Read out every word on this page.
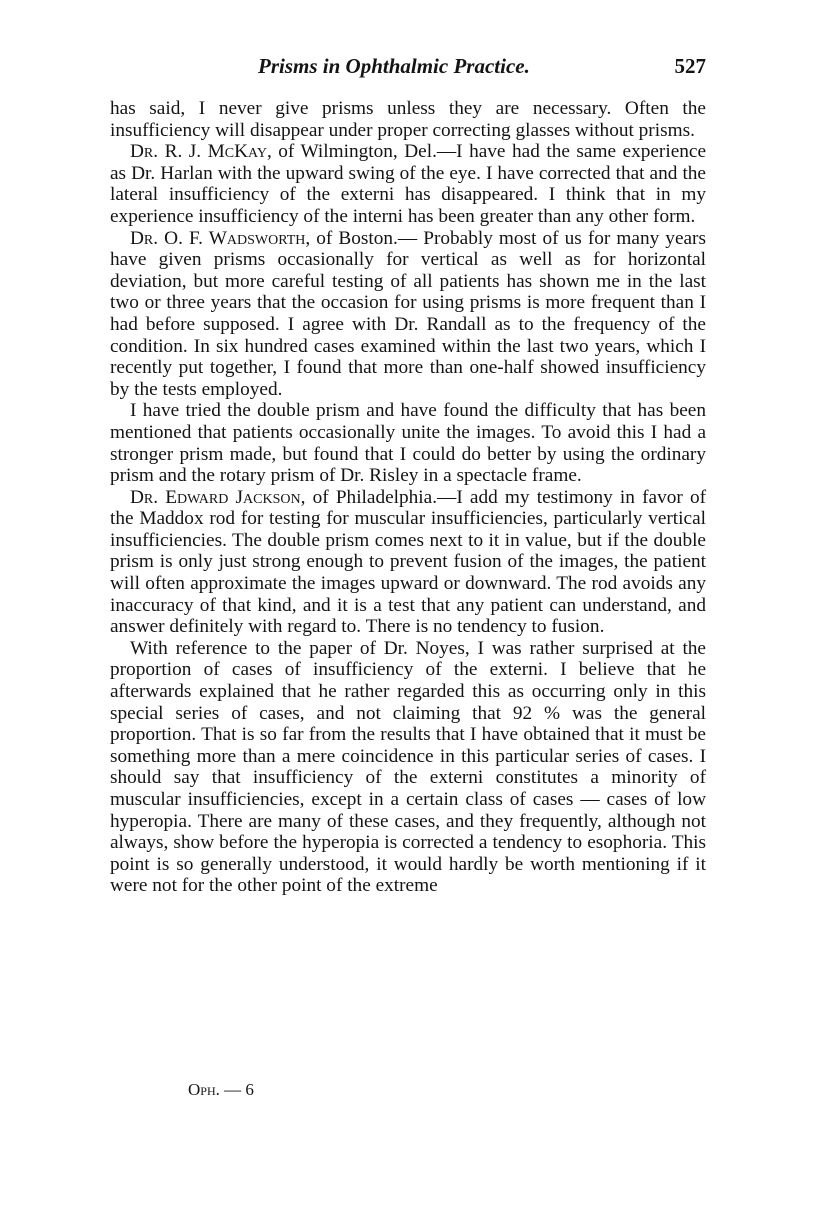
Prisms in Ophthalmic Practice.	527

has said, I never give prisms unless they are necessary. Often the insufficiency will disappear under proper correcting glasses without prisms.

Dr. R. J. McKay, of Wilmington, Del.—I have had the same experience as Dr. Harlan with the upward swing of the eye. I have corrected that and the lateral insufficiency of the externi has disappeared. I think that in my experience insufficiency of the interni has been greater than any other form.

Dr. O. F. Wadsworth, of Boston.— Probably most of us for many years have given prisms occasionally for vertical as well as for horizontal deviation, but more careful testing of all patients has shown me in the last two or three years that the occasion for using prisms is more frequent than I had before supposed. I agree with Dr. Randall as to the frequency of the condition. In six hundred cases examined within the last two years, which I recently put together, I found that more than one-half showed insufficiency by the tests employed.

I have tried the double prism and have found the difficulty that has been mentioned that patients occasionally unite the images. To avoid this I had a stronger prism made, but found that I could do better by using the ordinary prism and the rotary prism of Dr. Risley in a spectacle frame.

Dr. Edward Jackson, of Philadelphia.—I add my testimony in favor of the Maddox rod for testing for muscular insufficiencies, particularly vertical insufficiencies. The double prism comes next to it in value, but if the double prism is only just strong enough to prevent fusion of the images, the patient will often approximate the images upward or downward. The rod avoids any inaccuracy of that kind, and it is a test that any patient can understand, and answer definitely with regard to. There is no tendency to fusion.

With reference to the paper of Dr. Noyes, I was rather surprised at the proportion of cases of insufficiency of the externi. I believe that he afterwards explained that he rather regarded this as occurring only in this special series of cases, and not claiming that 92 % was the general proportion. That is so far from the results that I have obtained that it must be something more than a mere coincidence in this particular series of cases. I should say that insufficiency of the externi constitutes a minority of muscular insufficiencies, except in a certain class of cases — cases of low hyperopia. There are many of these cases, and they frequently, although not always, show before the hyperopia is corrected a tendency to esophoria. This point is so generally understood, it would hardly be worth mentioning if it were not for the other point of the extreme

Oph. — 6
